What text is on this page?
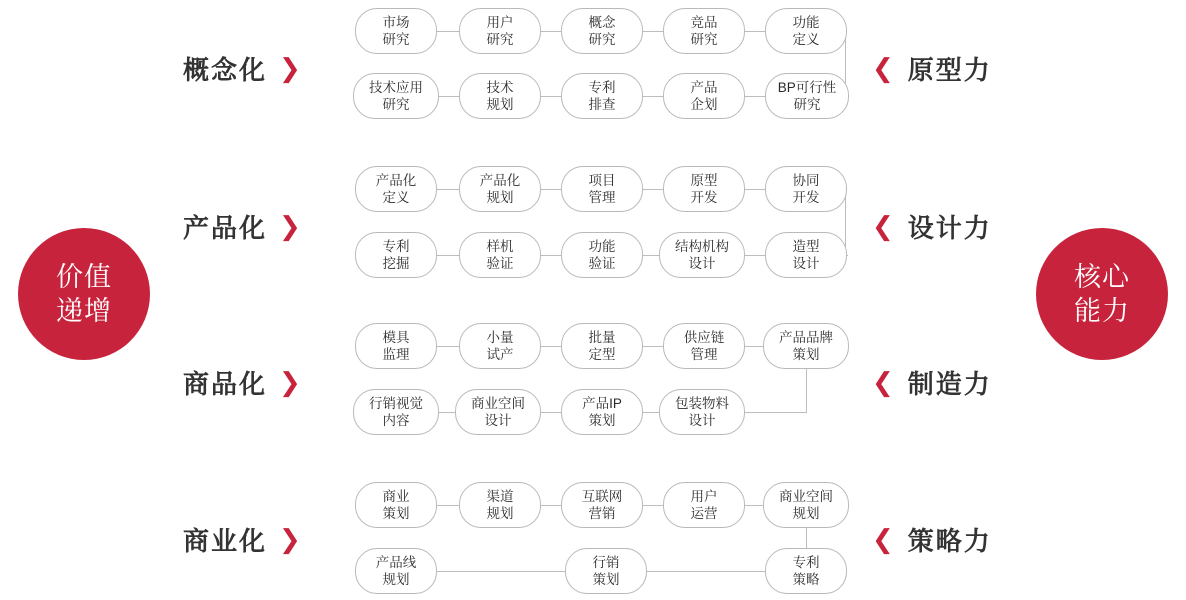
价值
递增
核心
能力
概念化 ❯
产品化 ❯
商品化 ❯
商业化 ❯
❮ 原型力
❮ 设计力
❮ 制造力
❮ 策略力
市场
研究
用户
研究
概念
研究
竞品
研究
功能
定义
技术应用
研究
技术
规划
专利
排查
产品
企划
BP可行性
研究
产品化
定义
产品化
规划
项目
管理
原型
开发
协同
开发
专利
挖掘
样机
验证
功能
验证
结构机构
设计
造型
设计
模具
监理
小量
试产
批量
定型
供应链
管理
产品品牌
策划
行销视觉
内容
商业空间
设计
产品IP
策划
包装物料
设计
商业
策划
渠道
规划
互联网
营销
用户
运营
商业空间
规划
产品线
规划
行销
策划
专利
策略
